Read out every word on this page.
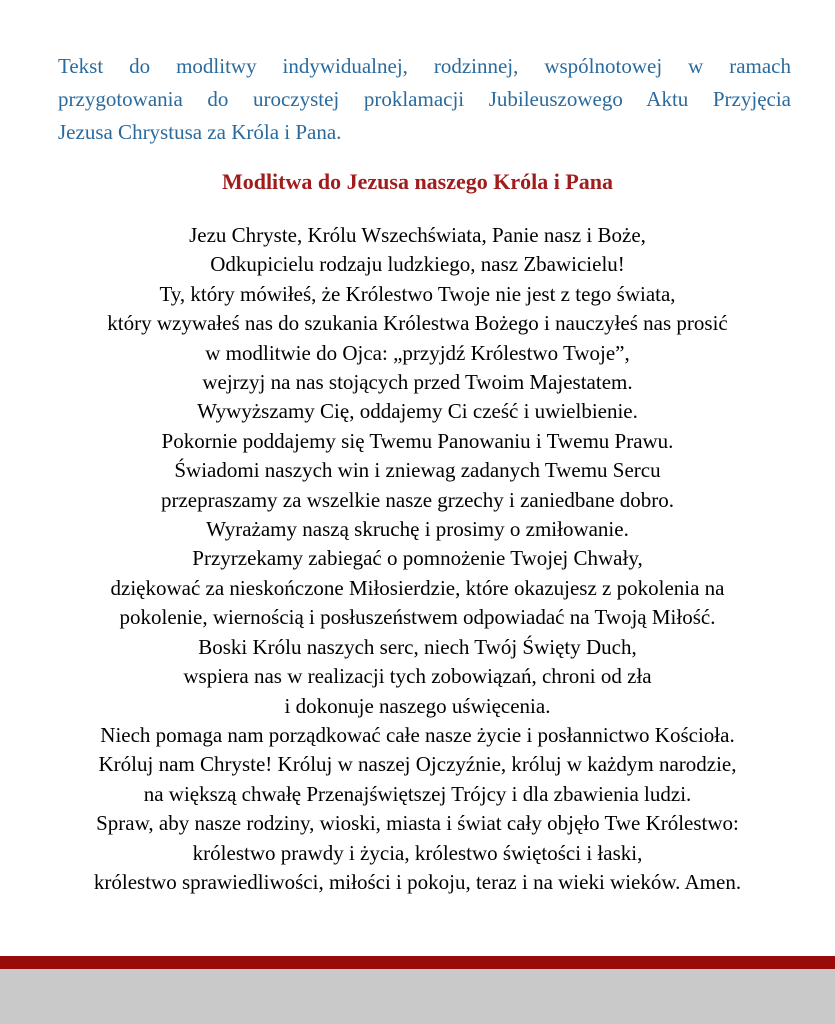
Tekst do modlitwy indywidualnej, rodzinnej, wspólnotowej w ramach
przygotowania do uroczystej proklamacji Jubileuszowego Aktu Przyjęcia
Jezusa Chrystusa za Króla i Pana.
Modlitwa do Jezusa naszego Króla i Pana
Jezu Chryste, Królu Wszechświata, Panie nasz i Boże,
Odkupicielu rodzaju ludzkiego, nasz Zbawicielu!
Ty, który mówiłeś, że Królestwo Twoje nie jest z tego świata,
który wzywałeś nas do szukania Królestwa Bożego i nauczyłeś nas prosić
w modlitwie do Ojca: „przyjdź Królestwo Twoje”,
wejrzyj na nas stojących przed Twoim Majestatem.
Wywyższamy Cię, oddajemy Ci cześć i uwielbienie.
Pokornie poddajemy się Twemu Panowaniu i Twemu Prawu.
Świadomi naszych win i zniewag zadanych Twemu Sercu
przepraszamy za wszelkie nasze grzechy i zaniedbane dobro.
Wyrażamy naszą skruchę i prosimy o zmiłowanie.
Przyrzekamy zabiegać o pomnożenie Twojej Chwały,
dziękować za nieskończone Miłosierdzie, które okazujesz z pokolenia na
pokolenie, wiernością i posłuszeństwem odpowiadać na Twoją Miłość.
Boski Królu naszych serc, niech Twój Święty Duch,
wspiera nas w realizacji tych zobowiązań, chroni od zła
i dokonuje naszego uświęcenia.
Niech pomaga nam porządkować całe nasze życie i posłannictwo Kościoła.
Króluj nam Chryste! Króluj w naszej Ojczyźnie, króluj w każdym narodzie,
na większą chwałę Przenajświętszej Trójcy i dla zbawienia ludzi.
Spraw, aby nasze rodziny, wioski, miasta i świat cały objęło Twe Królestwo:
królestwo prawdy i życia, królestwo świętości i łaski,
królestwo sprawiedliwości, miłości i pokoju, teraz i na wieki wieków. Amen.
